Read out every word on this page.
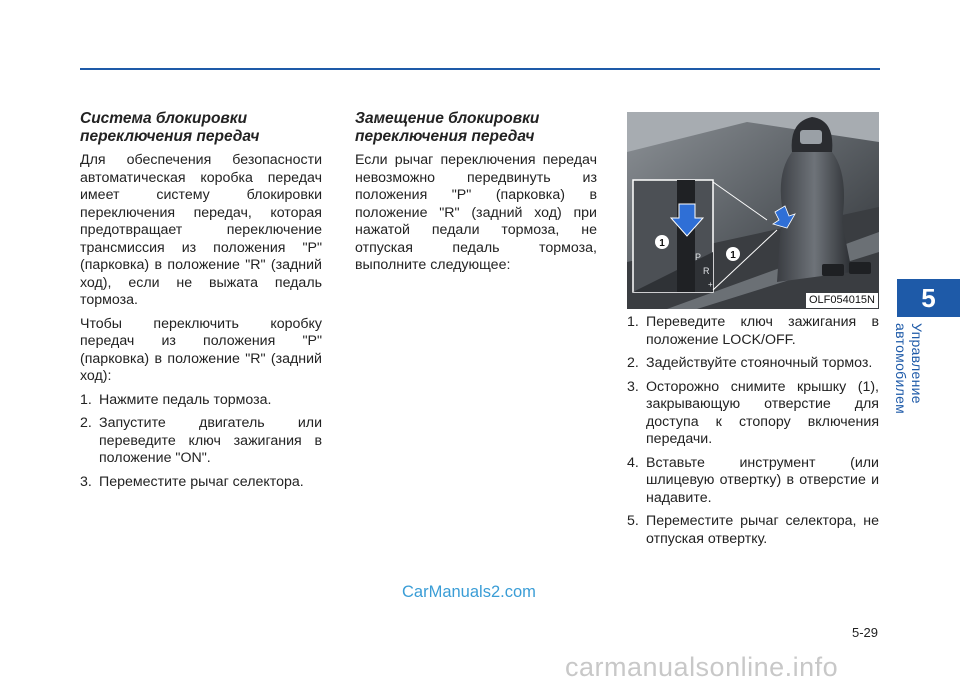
5
Управление автомобилем
Система блокировки переключения передач

Для обеспечения безопасности автоматическая коробка передач имеет систему блокировки переключения передач, которая предотвращает переключение трансмиссия из положения "P" (парковка) в положение "R" (задний ход), если не выжата педаль тормоза.

Чтобы переключить коробку передач из положения "P" (парковка) в положение "R" (задний ход):

1. Нажмите педаль тормоза.
2. Запустите двигатель или переведите ключ зажигания в положение "ON".
3. Переместите рычаг селектора.
Замещение блокировки переключения передач

Если рычаг переключения передач невозможно передвинуть из положения "P" (парковка) в положение "R" (задний ход) при нажатой педали тормоза, не отпуская педаль тормоза, выполните следующее:	P
R
+
1
1
OLF054015N
1. Переведите ключ зажигания в положение LOCK/OFF.
2. Задействуйте стояночный тормоз.
3. Осторожно снимите крышку (1), закрывающую отверстие для доступа к стопору включения передачи.
4. Вставьте инструмент (или шлицевую отвертку) в отверстие и надавите.
5. Переместите рычаг селектора, не отпуская отвертку.
CarManuals2.com
5-29
carmanualsonline.info
